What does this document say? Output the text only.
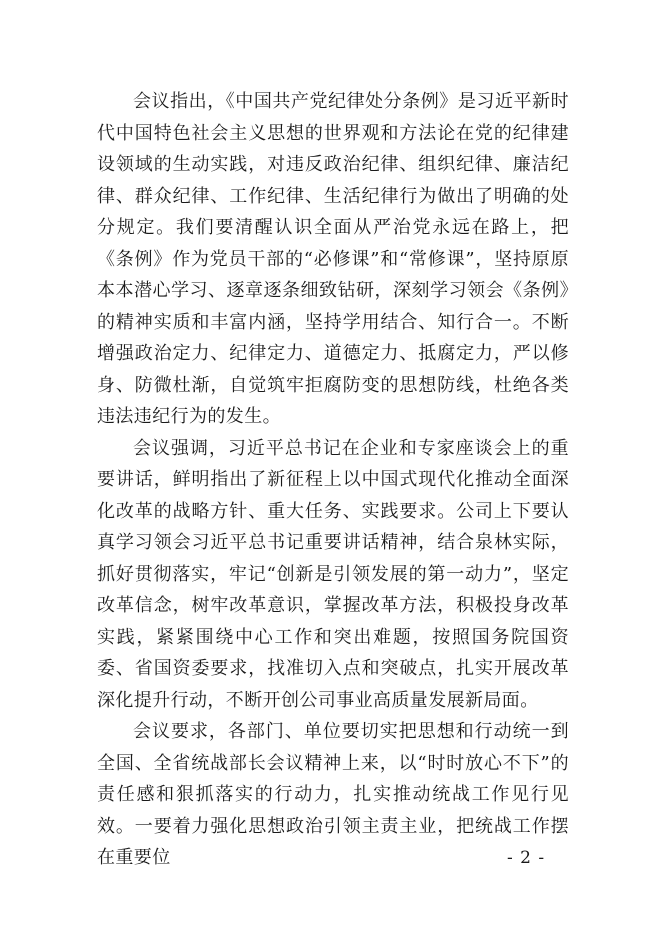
会议指出，《中国共产党纪律处分条例》是习近平新时代中国特色社会主义思想的世界观和方法论在党的纪律建设领域的生动实践，对违反政治纪律、组织纪律、廉洁纪律、群众纪律、工作纪律、生活纪律行为做出了明确的处分规定。我们要清醒认识全面从严治党永远在路上，把《条例》作为党员干部的“必修课”和“常修课”，坚持原原本本潜心学习、逐章逐条细致钻研，深刻学习领会《条例》的精神实质和丰富内涵，坚持学用结合、知行合一。不断增强政治定力、纪律定力、道德定力、抵腐定力，严以修身、防微杜渐，自觉筑牢拒腐防变的思想防线，杜绝各类违法违纪行为的发生。

会议强调，习近平总书记在企业和专家座谈会上的重要讲话，鲜明指出了新征程上以中国式现代化推动全面深化改革的战略方针、重大任务、实践要求。公司上下要认真学习领会习近平总书记重要讲话精神，结合泉林实际，抓好贯彻落实，牢记“创新是引领发展的第一动力”，坚定改革信念，树牢改革意识，掌握改革方法，积极投身改革实践，紧紧围绕中心工作和突出难题，按照国务院国资委、省国资委要求，找准切入点和突破点，扎实开展改革深化提升行动，不断开创公司事业高质量发展新局面。

会议要求，各部门、单位要切实把思想和行动统一到全国、全省统战部长会议精神上来，以“时时放心不下”的责任感和狠抓落实的行动力，扎实推动统战工作见行见效。一要着力强化思想政治引领主责主业，把统战工作摆在重要位	- 2 -
